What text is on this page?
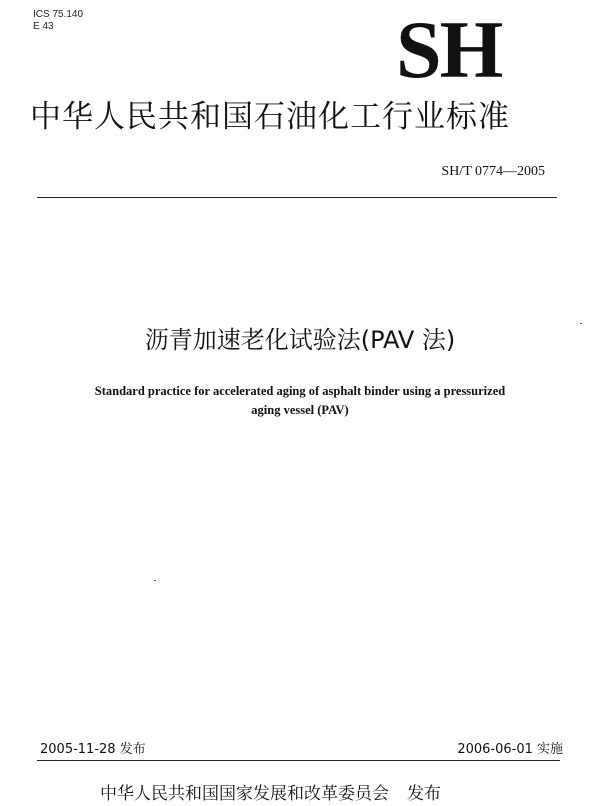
ICS 75.140
E 43	SH
中华人民共和国石油化工行业标准
SH/T 0774—2005
沥青加速老化试验法(PAV 法)
Standard practice for accelerated aging of asphalt binder using a pressurized
aging vessel (PAV)
2005-11-28 发布	2006-06-01 实施
中华人民共和国国家发展和改革委员会 发布
